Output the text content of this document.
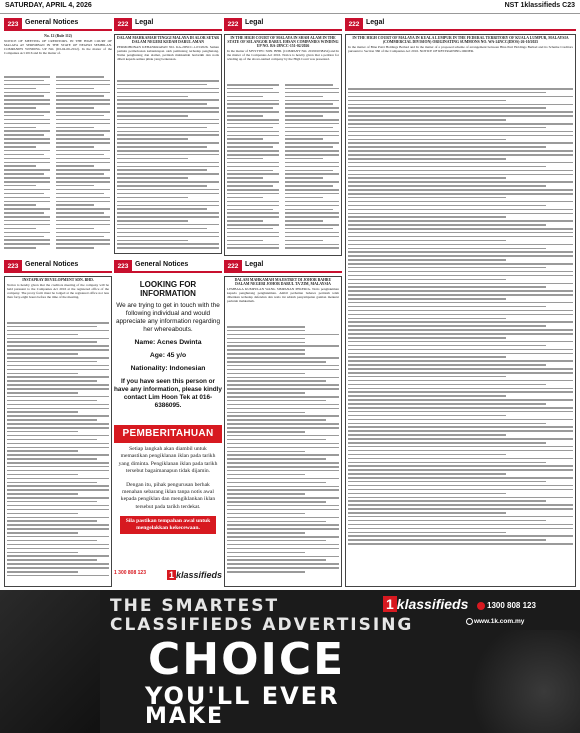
SATURDAY, APRIL 4, 2026	NST 1klassifieds C23
223 General Notices	222 Legal	222 Legal	222 Legal

No. 12 (Rule 112)

NOTICE OF MEETING OF CREDITORS. IN THE HIGH COURT OF MALAYA AT SEREMBAN IN THE STATE OF NEGERI SEMBILAN. COMPANIES WINDING UP NO. (ID-04-06-2012). In the matter of the Companies Act 2016 and In the matter of.

DALAM MAHKAMAH TINGGI MALAYA DI ALOR SETAR DALAM NEGERI KEDAH DARUL AMAN

PERMOHONAN KEBANKRAPAN NO. KA-29NCC-1-03/2026. Saman pemula permohonan kebankrapan oleh pemiutang terhadap penghutang. Nama penghutang dan alamat, perintah mahkamah bertarikh dan notis diberi kepada semua pihak yang berkenaan.

IN THE HIGH COURT OF MALAYA IN SHAH ALAM IN THE STATE OF SELANGOR DARUL EHSAN COMPANIES WINDING UP NO. BA-28NCC-151-02/2026

In the matter of MYSTTEC SDN. BHD. (COMPANY NO. 201901038454) and In the matter of the Companies Act 2016. Notice is hereby given that a petition for winding up of the above-named company by the High Court was presented.

IN THE HIGH COURT OF MALAYA IN KUALA LUMPUR IN THE FEDERAL TERRITORY OF KUALA LUMPUR, MALAYSIA (COMMERCIAL DIVISION) ORIGINATING SUMMONS NO. WA-24NCC(IDOS)-26-10/2025

In the matter of Bina Putri Holdings Berhad and In the matter of a proposed scheme of arrangement between Bina Puri Holdings Berhad and its Scheme Creditors pursuant to Section 366 of the Companies Act 2016. NOTICE OF RESTRAINING ORDER.

223 General Notices	223 General Notices	222 Legal

INSTAPRAY DEVELOPMENT SDN. BHD.

Notice is hereby given that the creditors meeting of the company will be held pursuant to the Companies Act 2016 at the registered office of the company. The proxy form must be lodged at the registered office not less than forty-eight hours before the time of the meeting.

LOOKING FOR INFORMATION
We are trying to get in touch with the following individual and would appreciate any information regarding her whereabouts.
Name: Acnes Dwinta
Age: 45 y/o
Nationality: Indonesian
If you have seen this person or have any information, please kindly contact Lim Hoon Tek at 016-6386095.
PEMBERITAHUAN
Setiap langkah akan diambil untuk memastikan pengiklanan iklan pada tarikh yang diminta. Pengiklanan iklan pada tarikh tersebut bagaimanapun tidak dijamin.
Dengan itu, pihak pengurusan berhak menahan sebarang iklan tanpa notis awal kepada pengiklan dan mengiklankan iklan tersebut pada tarikh terdekat.
Sila pastikan tempahan awal untuk mengelakkan kekecewaan.
1 300 808 123	1 klassifieds

DALAM MAHKAMAH MAJISTRET DI JOHOR BAHRU DALAM NEGERI JOHOR DARUL TA'ZIM, MALAYSIA

LEMBAGA KUMPULAN WANG SIMPANAN PEKERJA. Notis penghakiman kepada penghutang penghakiman. Ambil perhatian bahawa perintah telah diberikan terhadap defendan dan notis ini adalah penyampaian gantian menurut perintah mahkamah.

THE SMARTEST
CLASSIFIEDS ADVERTISING
CHOICE
YOU'LL EVER
MAKE
1 klassifieds	1300 808 123
www.1k.com.my
